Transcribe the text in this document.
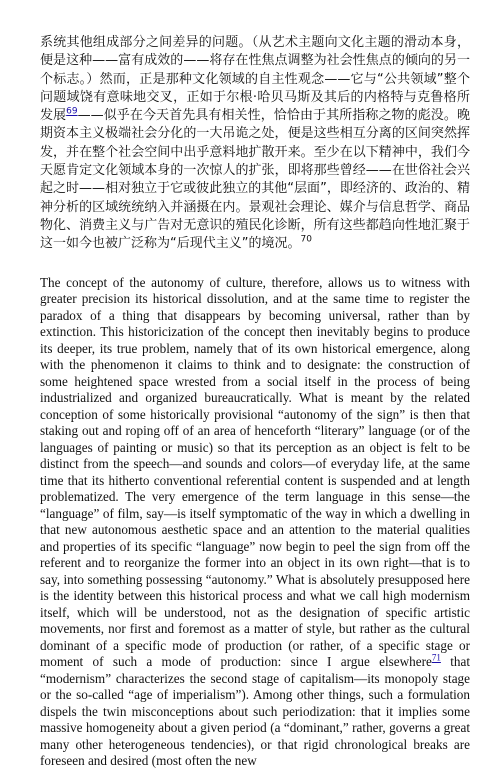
系统其他组成部分之间差异的问题。（从艺术主题向文化主题的滑动本身，便是这种——富有成效的——将存在性焦点调整为社会性焦点的倾向的另一个标志。）然而，正是那种文化领域的自主性观念——它与“公共领域”整个问题域饶有意味地交叉，正如于尔根·哈贝马斯及其后的内格特与克鲁格所发展$^{69}$——似乎在今天首先具有相关性，恰恰由于其所指称之物的彪没。晚期资本主义极端社会分化的一大吊诡之处，便是这些相互分离的区间突然挥发，并在整个社会空间中出乎意料地扩散开来。至少在以下精神中，我们今天愿肯定文化领域本身的一次惊人的扩张，即将那些曾经——在世俗社会兴起之时——相对独立于它或彼此独立的其他“层面”，即经济的、政治的、精神分析的区域统统纳入并涵摄在内。景观社会理论、媒介与信息哲学、商品物化、消费主义与广告对无意识的殖民化诊断，所有这些都趋向性地汇聚于这一如今也被广泛称为“后现代主义”的境况。$^{70}$

The concept of the autonomy of culture, therefore, allows us to witness with greater precision its historical dissolution, and at the same time to register the paradox of a thing that disappears by becoming universal, rather than by extinction. This historicization of the concept then inevitably begins to produce its deeper, its true problem, namely that of its own historical emergence, along with the phenomenon it claims to think and to designate: the construction of some heightened space wrested from a social itself in the process of being industrialized and organized bureaucratically. What is meant by the related conception of some historically provisional “autonomy of the sign” is then that staking out and roping off of an area of henceforth “literary” language (or of the languages of painting or music) so that its perception as an object is felt to be distinct from the speech—and sounds and colors—of everyday life, at the same time that its hitherto conventional referential content is suspended and at length problematized. The very emergence of the term language in this sense—the “language” of film, say—is itself symptomatic of the way in which a dwelling in that new autonomous aesthetic space and an attention to the material qualities and properties of its specific “language” now begin to peel the sign from off the referent and to reorganize the former into an object in its own right—that is to say, into something possessing “autonomy.” What is absolutely presupposed here is the identity between this historical process and what we call high modernism itself, which will be understood, not as the designation of specific artistic movements, nor first and foremost as a matter of style, but rather as the cultural dominant of a specific mode of production (or rather, of a specific stage or moment of such a mode of production: since I argue elsewhere$^{71}$ that “modernism” characterizes the second stage of capitalism—its monopoly stage or the so-called “age of imperialism”). Among other things, such a formulation dispels the twin misconceptions about such periodization: that it implies some massive homogeneity about a given period (a “dominant,” rather, governs a great many other heterogeneous tendencies), or that rigid chronological breaks are foreseen and desired (most often the new
